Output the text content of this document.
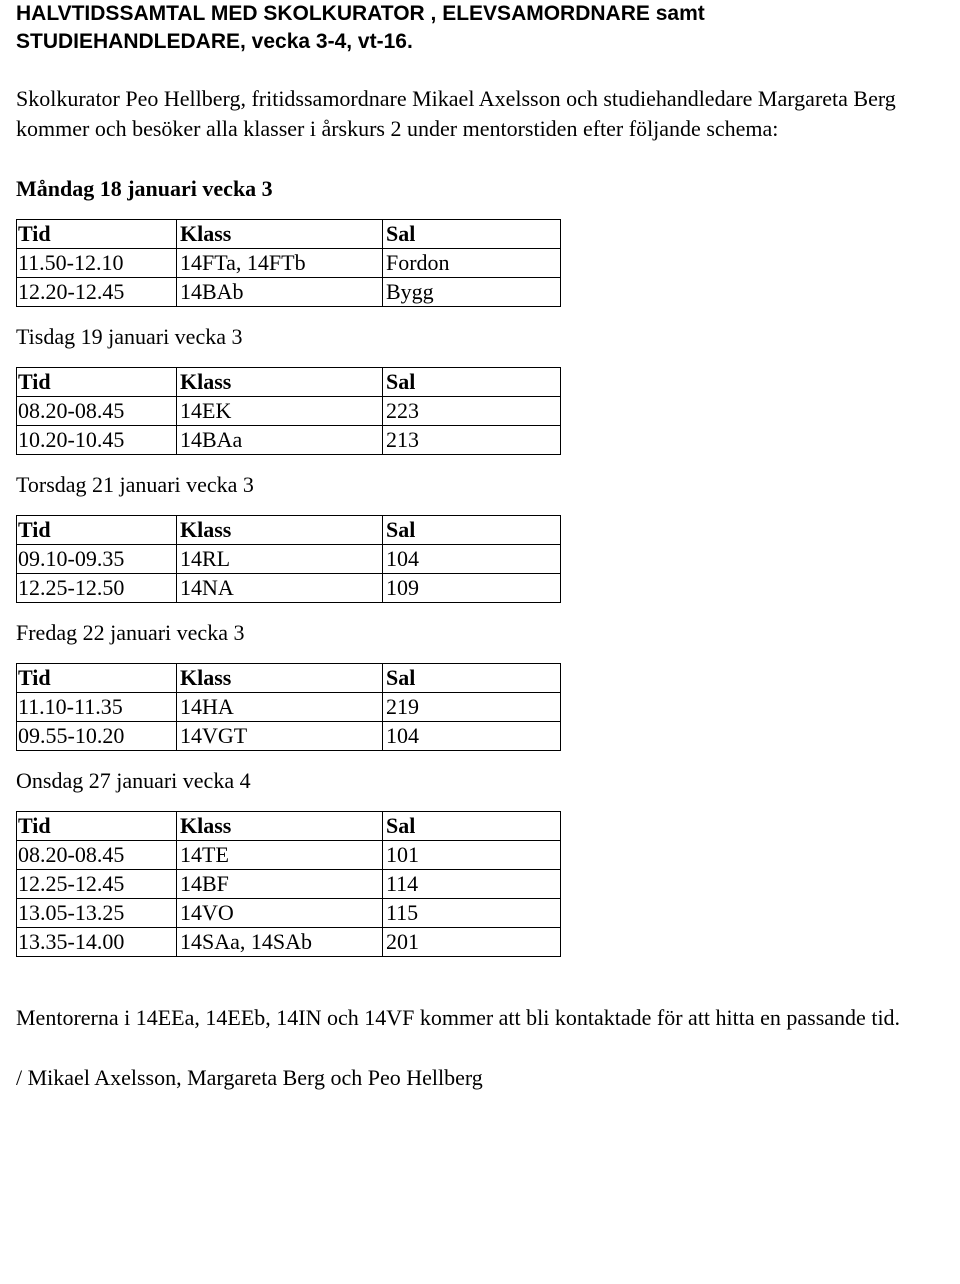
HALVTIDSSAMTAL MED SKOLKURATOR , ELEVSAMORDNARE samt
STUDIEHANDLEDARE, vecka 3-4, vt-16.

Skolkurator Peo Hellberg, fritidssamordnare Mikael Axelsson och studiehandledare Margareta Berg kommer och besöker alla klasser i årskurs 2 under mentorstiden efter följande schema:

Måndag 18 januari vecka 3

Tid	Klass	Sal
11.50-12.10	14FTa, 14FTb	Fordon
12.20-12.45	14BAb	Bygg

Tisdag 19 januari vecka 3

Tid	Klass	Sal
08.20-08.45	14EK	223
10.20-10.45	14BAa	213

Torsdag 21 januari vecka 3

Tid	Klass	Sal
09.10-09.35	14RL	104
12.25-12.50	14NA	109

Fredag 22 januari vecka 3

Tid	Klass	Sal
11.10-11.35	14HA	219
09.55-10.20	14VGT	104

Onsdag 27 januari vecka 4

Tid	Klass	Sal
08.20-08.45	14TE	101
12.25-12.45	14BF	114
13.05-13.25	14VO	115
13.35-14.00	14SAa, 14SAb	201

Mentorerna i 14EEa, 14EEb, 14IN och 14VF kommer att bli kontaktade för att hitta en passande tid.

/ Mikael Axelsson, Margareta Berg och Peo Hellberg
